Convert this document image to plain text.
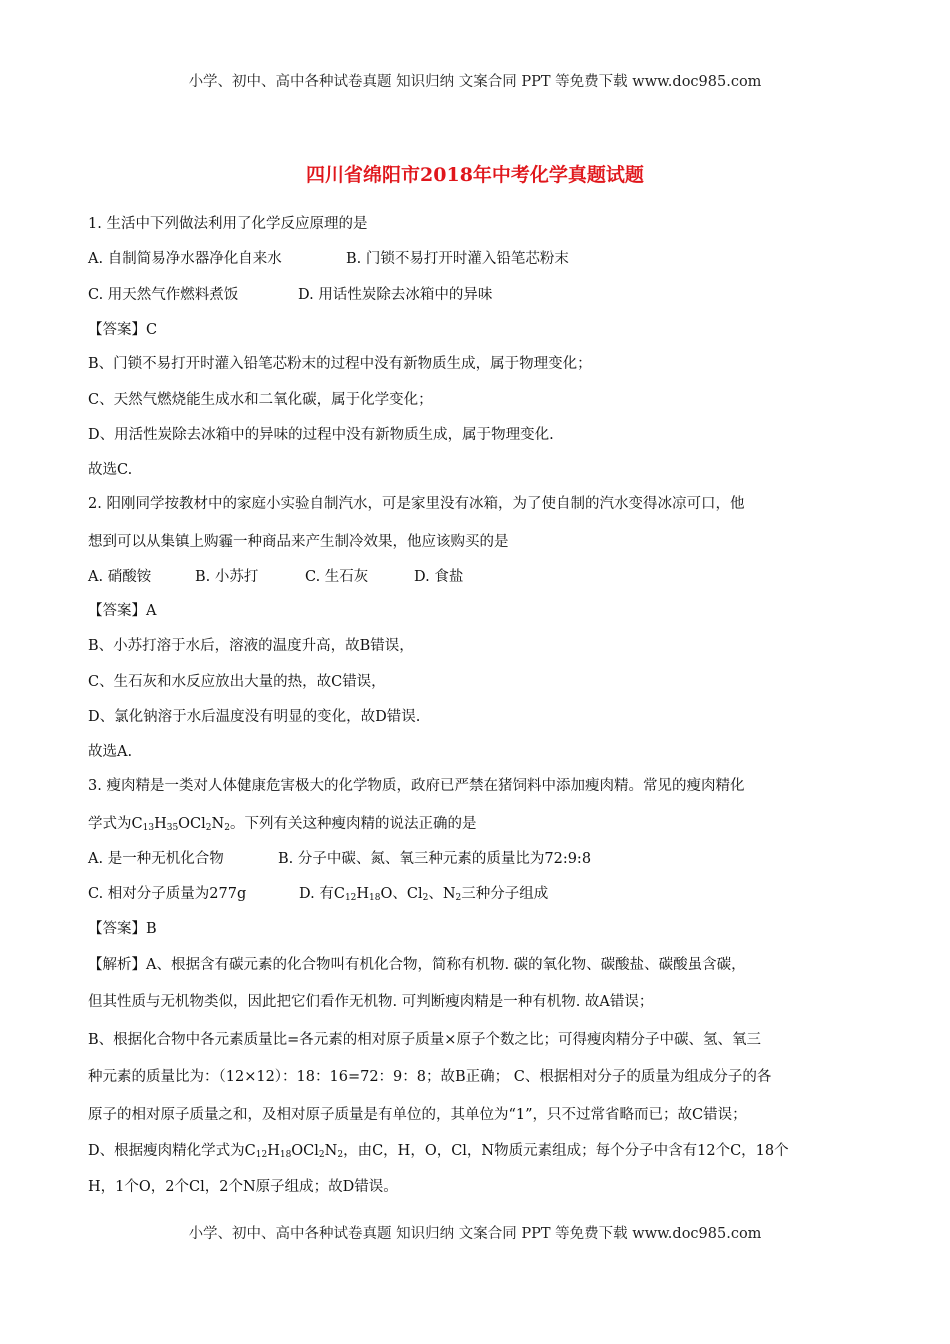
小学、初中、高中各种试卷真题 知识归纳 文案合同 PPT 等免费下载 www.doc985.com
四川省绵阳市2018年中考化学真题试题
1. 生活中下列做法利用了化学反应原理的是
A. 自制简易净水器净化自来水	B. 门锁不易打开时灌入铅笔芯粉末
C. 用天然气作燃料煮饭	D. 用话性炭除去冰箱中的异味
【答案】C
B、门锁不易打开时灌入铅笔芯粉末的过程中没有新物质生成，属于物理变化；
C、天然气燃烧能生成水和二氧化碳，属于化学变化；
D、用活性炭除去冰箱中的异味的过程中没有新物质生成，属于物理变化.
故选C.
2. 阳刚同学按教材中的家庭小实验自制汽水，可是家里没有冰箱，为了使自制的汽水变得冰凉可口，他
想到可以从集镇上购霾一种商品来产生制冷效果，他应该购买的是
A. 硝酸铵	B. 小苏打	C. 生石灰	D. 食盐
【答案】A
B、小苏打溶于水后，溶液的温度升高，故B错误，
C、生石灰和水反应放出大量的热，故C错误，
D、氯化钠溶于水后温度没有明显的变化，故D错误.
故选A.
3. 瘦肉精是一类对人体健康危害极大的化学物质，政府已严禁在猪饲料中添加瘦肉精。常见的瘦肉精化
学式为$C_{13}H_{35}OCl_2N_2$。下列有关这种瘦肉精的说法正确的是
A. 是一种无机化合物	B. 分子中碳、氮、氧三种元素的质量比为72:9:8
C. 相对分子质量为277g	D. 有$C_{12}H_{18}O$、$Cl_2$、$N_2$三种分子组成
【答案】B
【解析】A、根据含有碳元素的化合物叫有机化合物，简称有机物. 碳的氧化物、碳酸盐、碳酸虽含碳，
但其性质与无机物类似，因此把它们看作无机物. 可判断瘦肉精是一种有机物. 故A错误；
B、根据化合物中各元素质量比=各元素的相对原子质量×原子个数之比；可得瘦肉精分子中碳、氢、氧三
种元素的质量比为：（12×12）：18：16=72：9：8；故B正确； C、根据相对分子的质量为组成分子的各
原子的相对原子质量之和，及相对原子质量是有单位的，其单位为“1”，只不过常省略而已；故C错误；
D、根据瘦肉精化学式为$C_{12}H_{18}OCl_2N_2$，由C，H，O，Cl，N物质元素组成；每个分子中含有12个C，18个
H，1个O，2个Cl，2个N原子组成；故D错误。
小学、初中、高中各种试卷真题 知识归纳 文案合同 PPT 等免费下载 www.doc985.com
